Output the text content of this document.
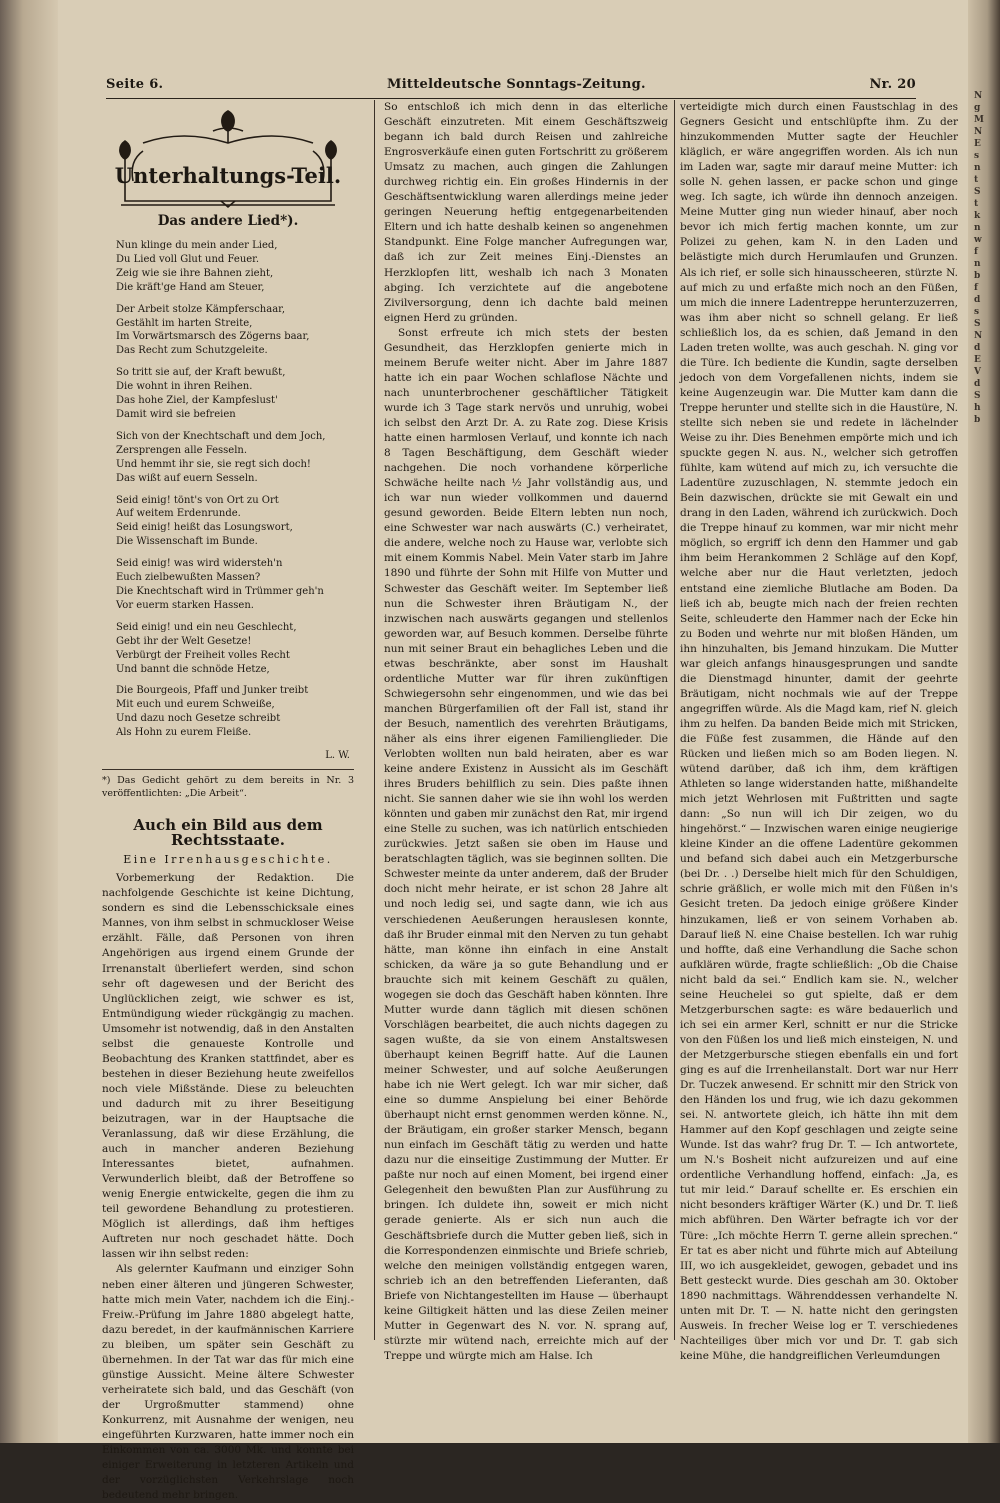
N
g
M
N
E
s
n
t
S
t
k
n
w
f
n
b
f
d
s
S
N
d
E
V
d
S
h
b
Seite 6.	Mitteldeutsche Sonntags-Zeitung.	Nr. 20
Unterhaltungs-Teil.
Das andere Lied*).
Nun klinge du mein ander Lied,
Du Lied voll Glut und Feuer.
Zeig wie sie ihre Bahnen zieht,
Die kräft'ge Hand am Steuer,
Der Arbeit stolze Kämpferschaar,
Gestählt im harten Streite,
Im Vorwärtsmarsch des Zögerns baar,
Das Recht zum Schutzgeleite.
So tritt sie auf, der Kraft bewußt,
Die wohnt in ihren Reihen.
Das hohe Ziel, der Kampfeslust'
Damit wird sie befreien
Sich von der Knechtschaft und dem Joch,
Zersprengen alle Fesseln.
Und hemmt ihr sie, sie regt sich doch!
Das wißt auf euern Sesseln.
Seid einig! tönt's von Ort zu Ort
Auf weitem Erdenrunde.
Seid einig! heißt das Losungswort,
Die Wissenschaft im Bunde.
Seid einig! was wird widersteh'n
Euch zielbewußten Massen?
Die Knechtschaft wird in Trümmer geh'n
Vor euerm starken Hassen.
Seid einig! und ein neu Geschlecht,
Gebt ihr der Welt Gesetze!
Verbürgt der Freiheit volles Recht
Und bannt die schnöde Hetze,
Die Bourgeois, Pfaff und Junker treibt
Mit euch und eurem Schweiße,
Und dazu noch Gesetze schreibt
Als Hohn zu eurem Fleiße.
L. W.
*) Das Gedicht gehört zu dem bereits in Nr. 3 veröffentlichten: „Die Arbeit“.
Auch ein Bild aus dem Rechtsstaate.
Eine Irrenhausgeschichte.

Vorbemerkung der Redaktion. Die nachfolgende Geschichte ist keine Dichtung, sondern es sind die Lebensschicksale eines Mannes, von ihm selbst in schmuckloser Weise erzählt. Fälle, daß Personen von ihren Angehörigen aus irgend einem Grunde der Irrenanstalt überliefert werden, sind schon sehr oft dagewesen und der Bericht des Unglücklichen zeigt, wie schwer es ist, Entmündigung wieder rückgängig zu machen. Umsomehr ist notwendig, daß in den Anstalten selbst die genaueste Kontrolle und Beobachtung des Kranken stattfindet, aber es bestehen in dieser Beziehung heute zweifellos noch viele Mißstände. Diese zu beleuchten und dadurch mit zu ihrer Beseitigung beizutragen, war in der Hauptsache die Veranlassung, daß wir diese Erzählung, die auch in mancher anderen Beziehung Interessantes bietet, aufnahmen. Verwunderlich bleibt, daß der Betroffene so wenig Energie entwickelte, gegen die ihm zu teil gewordene Behandlung zu protestieren. Möglich ist allerdings, daß ihm heftiges Auftreten nur noch geschadet hätte. Doch lassen wir ihn selbst reden:

Als gelernter Kaufmann und einziger Sohn neben einer älteren und jüngeren Schwester, hatte mich mein Vater, nachdem ich die Einj.-Freiw.-Prüfung im Jahre 1880 abgelegt hatte, dazu beredet, in der kaufmännischen Karriere zu bleiben, um später sein Geschäft zu übernehmen. In der Tat war das für mich eine günstige Aussicht. Meine ältere Schwester verheiratete sich bald, und das Geschäft (von der Urgroßmutter stammend) ohne Konkurrenz, mit Ausnahme der wenigen, neu eingeführten Kurzwaren, hatte immer noch ein Einkommen von ca. 3000 Mk. und konnte bei einiger Erweiterung in letzteren Artikeln und der vorzüglichsten Verkehrslage noch bedeutend mehr bringen.

So entschloß ich mich denn in das elterliche Geschäft einzutreten. Mit einem Geschäftszweig begann ich bald durch Reisen und zahlreiche Engrosverkäufe einen guten Fortschritt zu größerem Umsatz zu machen, auch gingen die Zahlungen durchweg richtig ein. Ein großes Hindernis in der Geschäftsentwicklung waren allerdings meine jeder geringen Neuerung heftig entgegenarbeitenden Eltern und ich hatte deshalb keinen so angenehmen Standpunkt. Eine Folge mancher Aufregungen war, daß ich zur Zeit meines Einj.-Dienstes an Herzklopfen litt, weshalb ich nach 3 Monaten abging. Ich verzichtete auf die angebotene Zivilversorgung, denn ich dachte bald meinen eignen Herd zu gründen.

Sonst erfreute ich mich stets der besten Gesundheit, das Herzklopfen genierte mich in meinem Berufe weiter nicht. Aber im Jahre 1887 hatte ich ein paar Wochen schlaflose Nächte und nach ununterbrochener geschäftlicher Tätigkeit wurde ich 3 Tage stark nervös und unruhig, wobei ich selbst den Arzt Dr. A. zu Rate zog. Diese Krisis hatte einen harmlosen Verlauf, und konnte ich nach 8 Tagen Beschäftigung, dem Geschäft wieder nachgehen. Die noch vorhandene körperliche Schwäche heilte nach ½ Jahr vollständig aus, und ich war nun wieder vollkommen und dauernd gesund geworden. Beide Eltern lebten nun noch, eine Schwester war nach auswärts (C.) verheiratet, die andere, welche noch zu Hause war, verlobte sich mit einem Kommis Nabel. Mein Vater starb im Jahre 1890 und führte der Sohn mit Hilfe von Mutter und Schwester das Geschäft weiter. Im September ließ nun die Schwester ihren Bräutigam N., der inzwischen nach auswärts gegangen und stellenlos geworden war, auf Besuch kommen. Derselbe führte nun mit seiner Braut ein behagliches Leben und die etwas beschränkte, aber sonst im Haushalt ordentliche Mutter war für ihren zukünftigen Schwiegersohn sehr eingenommen, und wie das bei manchen Bürgerfamilien oft der Fall ist, stand ihr der Besuch, namentlich des verehrten Bräutigams, näher als eins ihrer eigenen Familienglieder. Die Verlobten wollten nun bald heiraten, aber es war keine andere Existenz in Aussicht als im Geschäft ihres Bruders behilflich zu sein. Dies paßte ihnen nicht. Sie sannen daher wie sie ihn wohl los werden könnten und gaben mir zunächst den Rat, mir irgend eine Stelle zu suchen, was ich natürlich entschieden zurückwies. Jetzt saßen sie oben im Hause und beratschlagten täglich, was sie beginnen sollten. Die Schwester meinte da unter anderem, daß der Bruder doch nicht mehr heirate, er ist schon 28 Jahre alt und noch ledig sei, und sagte dann, wie ich aus verschiedenen Aeußerungen herauslesen konnte, daß ihr Bruder einmal mit den Nerven zu tun gehabt hätte, man könne ihn einfach in eine Anstalt schicken, da wäre ja so gute Behandlung und er brauchte sich mit keinem Geschäft zu quälen, wogegen sie doch das Geschäft haben könnten. Ihre Mutter wurde dann täglich mit diesen schönen Vorschlägen bearbeitet, die auch nichts dagegen zu sagen wußte, da sie von einem Anstaltswesen überhaupt keinen Begriff hatte. Auf die Launen meiner Schwester, und auf solche Aeußerungen habe ich nie Wert gelegt. Ich war mir sicher, daß eine so dumme Anspielung bei einer Behörde überhaupt nicht ernst genommen werden könne. N., der Bräutigam, ein großer starker Mensch, begann nun einfach im Geschäft tätig zu werden und hatte dazu nur die einseitige Zustimmung der Mutter. Er paßte nur noch auf einen Moment, bei irgend einer Gelegenheit den bewußten Plan zur Ausführung zu bringen. Ich duldete ihn, soweit er mich nicht gerade genierte. Als er sich nun auch die Geschäftsbriefe durch die Mutter geben ließ, sich in die Korrespondenzen einmischte und Briefe schrieb, welche den meinigen vollständig entgegen waren, schrieb ich an den betreffenden Lieferanten, daß Briefe von Nichtangestellten im Hause — überhaupt keine Giltigkeit hätten und las diese Zeilen meiner Mutter in Gegenwart des N. vor. N. sprang auf, stürzte mir wütend nach, erreichte mich auf der Treppe und würgte mich am Halse. Ich

verteidigte mich durch einen Faustschlag in des Gegners Gesicht und entschlüpfte ihm. Zu der hinzukommenden Mutter sagte der Heuchler kläglich, er wäre angegriffen worden. Als ich nun im Laden war, sagte mir darauf meine Mutter: ich solle N. gehen lassen, er packe schon und ginge weg. Ich sagte, ich würde ihn dennoch anzeigen. Meine Mutter ging nun wieder hinauf, aber noch bevor ich mich fertig machen konnte, um zur Polizei zu gehen, kam N. in den Laden und belästigte mich durch Herumlaufen und Grunzen. Als ich rief, er solle sich hinausscheeren, stürzte N. auf mich zu und erfaßte mich noch an den Füßen, um mich die innere Ladentreppe herunterzuzerren, was ihm aber nicht so schnell gelang. Er ließ schließlich los, da es schien, daß Jemand in den Laden treten wollte, was auch geschah. N. ging vor die Türe. Ich bediente die Kundin, sagte derselben jedoch von dem Vorgefallenen nichts, indem sie keine Augenzeugin war. Die Mutter kam dann die Treppe herunter und stellte sich in die Haustüre, N. stellte sich neben sie und redete in lächelnder Weise zu ihr. Dies Benehmen empörte mich und ich spuckte gegen N. aus. N., welcher sich getroffen fühlte, kam wütend auf mich zu, ich versuchte die Ladentüre zuzuschlagen, N. stemmte jedoch ein Bein dazwischen, drückte sie mit Gewalt ein und drang in den Laden, während ich zurückwich. Doch die Treppe hinauf zu kommen, war mir nicht mehr möglich, so ergriff ich denn den Hammer und gab ihm beim Herankommen 2 Schläge auf den Kopf, welche aber nur die Haut verletzten, jedoch entstand eine ziemliche Blutlache am Boden. Da ließ ich ab, beugte mich nach der freien rechten Seite, schleuderte den Hammer nach der Ecke hin zu Boden und wehrte nur mit bloßen Händen, um ihn hinzuhalten, bis Jemand hinzukam. Die Mutter war gleich anfangs hinausgesprungen und sandte die Dienstmagd hinunter, damit der geehrte Bräutigam, nicht nochmals wie auf der Treppe angegriffen würde. Als die Magd kam, rief N. gleich ihm zu helfen. Da banden Beide mich mit Stricken, die Füße fest zusammen, die Hände auf den Rücken und ließen mich so am Boden liegen. N. wütend darüber, daß ich ihm, dem kräftigen Athleten so lange widerstanden hatte, mißhandelte mich jetzt Wehrlosen mit Fußtritten und sagte dann: „So nun will ich Dir zeigen, wo du hingehörst.“ — Inzwischen waren einige neugierige kleine Kinder an die offene Ladentüre gekommen und befand sich dabei auch ein Metzgerbursche (bei Dr. . .) Derselbe hielt mich für den Schuldigen, schrie gräßlich, er wolle mich mit den Füßen in's Gesicht treten. Da jedoch einige größere Kinder hinzukamen, ließ er von seinem Vorhaben ab. Darauf ließ N. eine Chaise bestellen. Ich war ruhig und hoffte, daß eine Verhandlung die Sache schon aufklären würde, fragte schließlich: „Ob die Chaise nicht bald da sei.“ Endlich kam sie. N., welcher seine Heuchelei so gut spielte, daß er dem Metzgerburschen sagte: es wäre bedauerlich und ich sei ein armer Kerl, schnitt er nur die Stricke von den Füßen los und ließ mich einsteigen, N. und der Metzgerbursche stiegen ebenfalls ein und fort ging es auf die Irrenheilanstalt. Dort war nur Herr Dr. Tuczek anwesend. Er schnitt mir den Strick von den Händen los und frug, wie ich dazu gekommen sei. N. antwortete gleich, ich hätte ihn mit dem Hammer auf den Kopf geschlagen und zeigte seine Wunde. Ist das wahr? frug Dr. T. — Ich antwortete, um N.'s Bosheit nicht aufzureizen und auf eine ordentliche Verhandlung hoffend, einfach: „Ja, es tut mir leid.“ Darauf schellte er. Es erschien ein nicht besonders kräftiger Wärter (K.) und Dr. T. ließ mich abführen. Den Wärter befragte ich vor der Türe: „Ich möchte Herrn T. gerne allein sprechen.“ Er tat es aber nicht und führte mich auf Abteilung III, wo ich ausgekleidet, gewogen, gebadet und ins Bett gesteckt wurde. Dies geschah am 30. Oktober 1890 nachmittags. Währenddessen verhandelte N. unten mit Dr. T. — N. hatte nicht den geringsten Ausweis. In frecher Weise log er T. verschiedenes Nachteiliges über mich vor und Dr. T. gab sich keine Mühe, die handgreiflichen Verleumdungen
